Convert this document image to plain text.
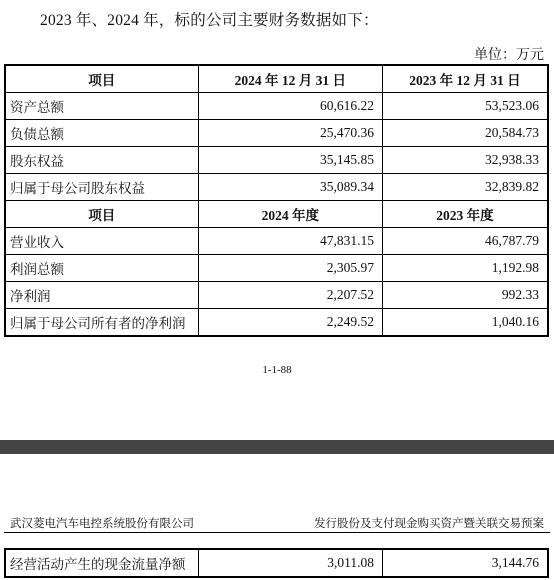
2023 年、2024 年，标的公司主要财务数据如下：
单位：万元
项目	2024 年 12 月 31 日	2023 年 12 月 31 日
资产总额	60,616.22	53,523.06
负债总额	25,470.36	20,584.73
股东权益	35,145.85	32,938.33
归属于母公司股东权益	35,089.34	32,839.82
项目	2024 年度	2023 年度
营业收入	47,831.15	46,787.79
利润总额	2,305.97	1,192.98
净利润	2,207.52	992.33
归属于母公司所有者的净利润	2,249.52	1,040.16
1-1-88
武汉菱电汽车电控系统股份有限公司	发行股份及支付现金购买资产暨关联交易预案
经营活动产生的现金流量净额	3,011.08	3,144.76
